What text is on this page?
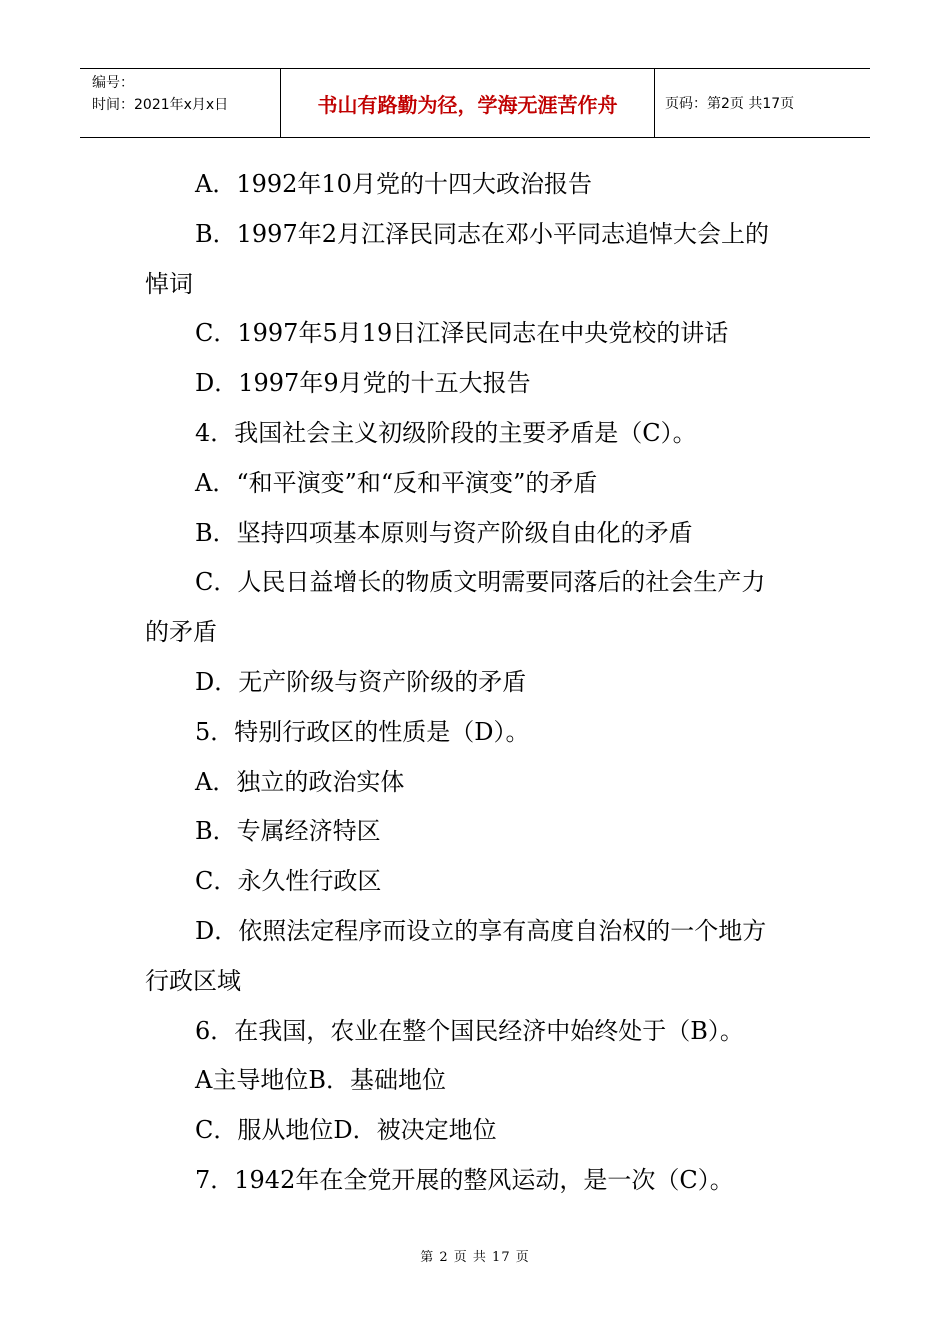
编号：
时间：2021年x月x日	书山有路勤为径，学海无涯苦作舟	页码：第2页 共17页
A．1992年10月党的十四大政治报告
B．1997年2月江泽民同志在邓小平同志追悼大会上的
悼词
C．1997年5月19日江泽民同志在中央党校的讲话
D．1997年9月党的十五大报告
4．我国社会主义初级阶段的主要矛盾是（C）。
A．“和平演变”和“反和平演变”的矛盾
B．坚持四项基本原则与资产阶级自由化的矛盾
C．人民日益增长的物质文明需要同落后的社会生产力
的矛盾
D．无产阶级与资产阶级的矛盾
5．特别行政区的性质是（D）。
A．独立的政治实体
B．专属经济特区
C．永久性行政区
D．依照法定程序而设立的享有高度自治权的一个地方
行政区域
6．在我国，农业在整个国民经济中始终处于（B）。
A主导地位B．基础地位
C．服从地位D．被决定地位
7．1942年在全党开展的整风运动，是一次（C）。
第 2 页 共 17 页
